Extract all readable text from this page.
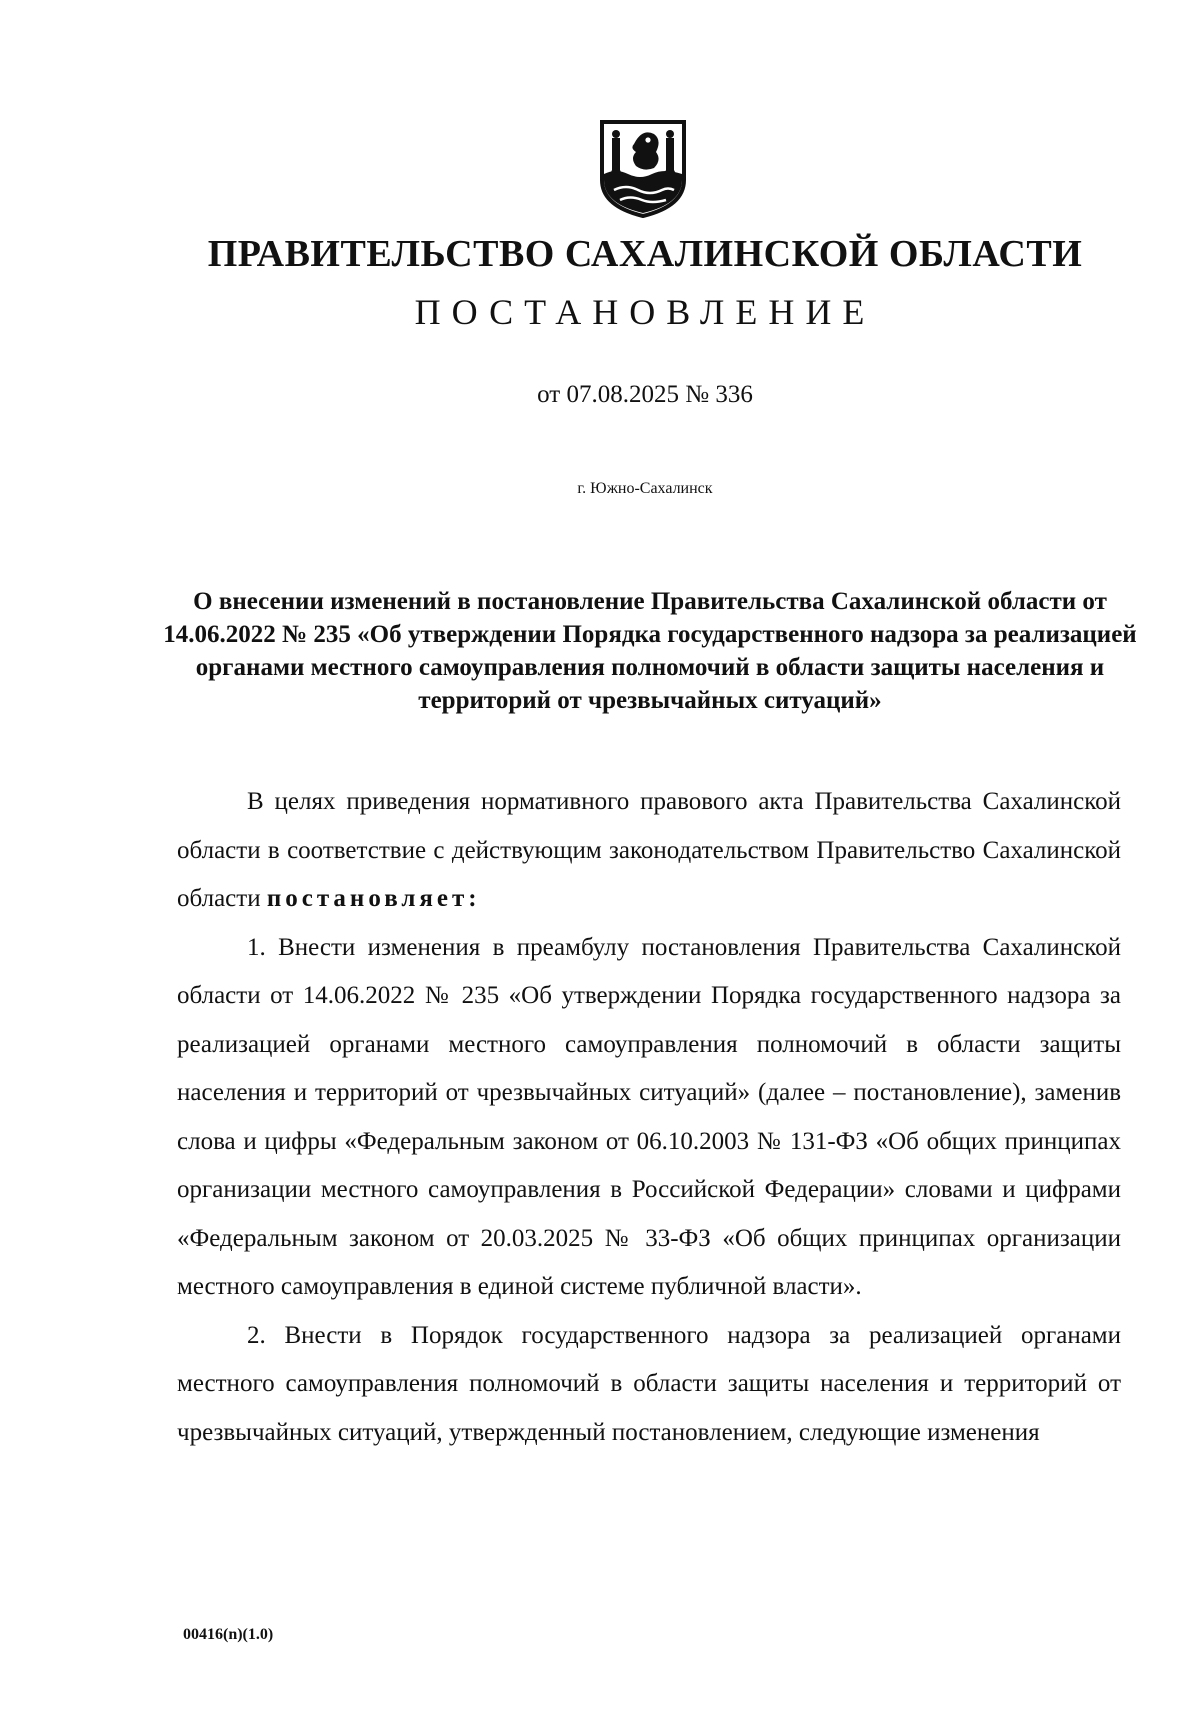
ПРАВИТЕЛЬСТВО САХАЛИНСКОЙ ОБЛАСТИ
ПОСТАНОВЛЕНИЕ
от 07.08.2025 № 336
г. Южно-Сахалинск
О внесении изменений в постановление Правительства Сахалинской области от 14.06.2022 № 235 «Об утверждении Порядка государственного надзора за реализацией органами местного самоуправления полномочий в области защиты населения и территорий от чрезвычайных ситуаций»

В целях приведения нормативного правового акта Правительства Сахалинской области в соответствие с действующим законодательством Правительство Сахалинской области постановляет:

1. Внести изменения в преамбулу постановления Правительства Сахалинской области от 14.06.2022 № 235 «Об утверждении Порядка государственного надзора за реализацией органами местного самоуправления полномочий в области защиты населения и территорий от чрезвычайных ситуаций» (далее – постановление), заменив слова и цифры «Федеральным законом от 06.10.2003 № 131-ФЗ «Об общих принципах организации местного самоуправления в Российской Федерации» словами и цифрами «Федеральным законом от 20.03.2025 № 33-ФЗ «Об общих принципах организации местного самоуправления в единой системе публичной власти».

2. Внести в Порядок государственного надзора за реализацией органами местного самоуправления полномочий в области защиты населения и территорий от чрезвычайных ситуаций, утвержденный постановлением, следующие изменения

00416(n)(1.0)
